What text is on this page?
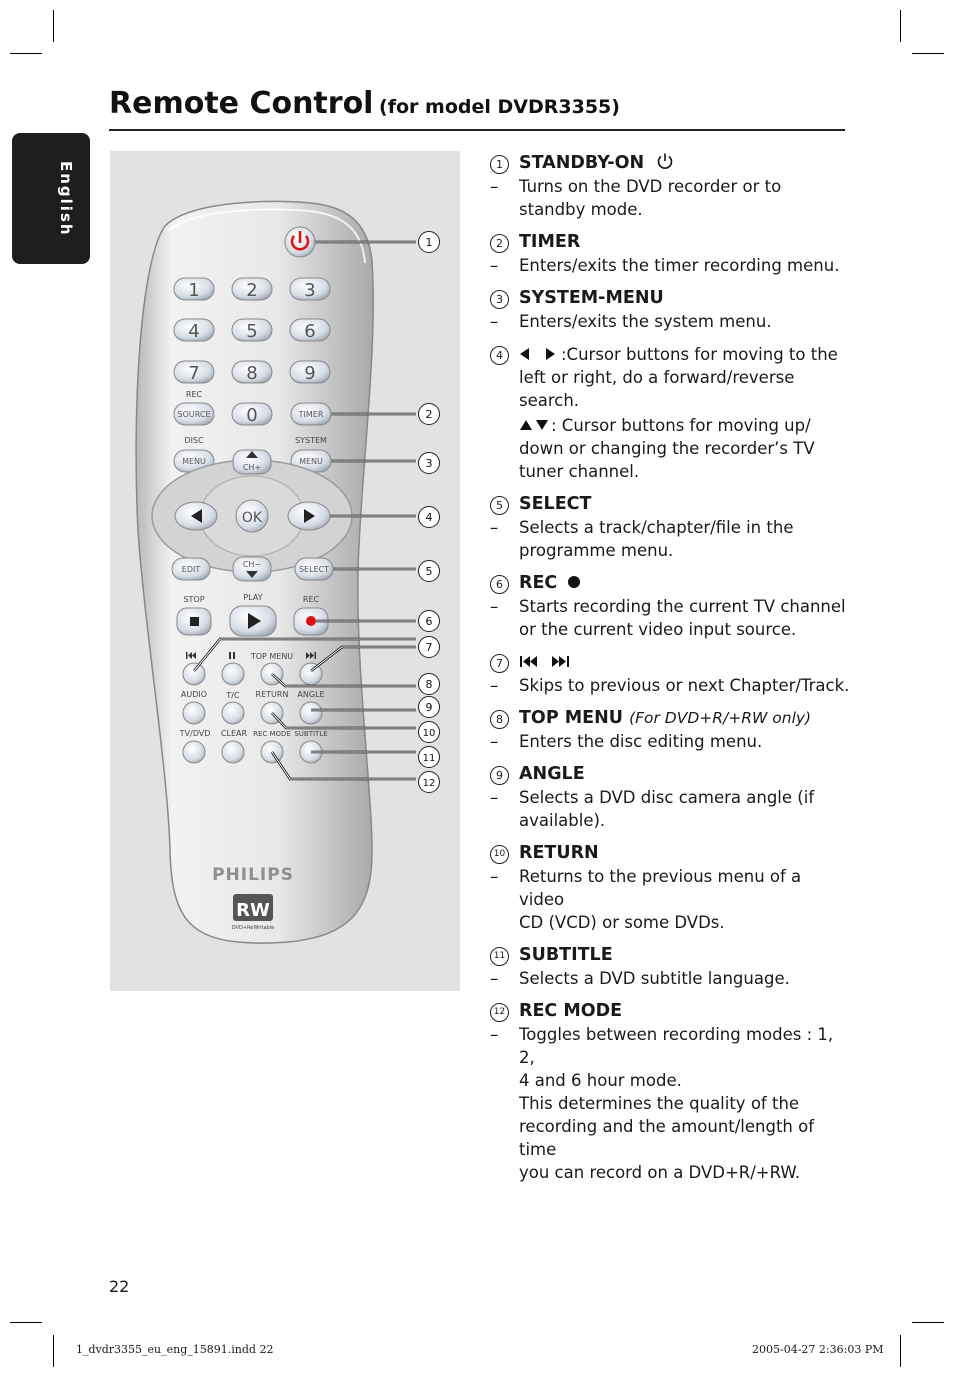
English
Remote Control (for model DVDR3355)
1	2	3
4	5	6
7	8	9
0
REC
DISC	SYSTEM
SOURCE	TIMER
MENU	MENU
CH+
OK
EDIT	SELECT
CH−
STOP	PLAY	REC
TOP MENU
AUDIO T/C RETURN ANGLE
TV/DVD CLEAR REC MODE SUBTITLE
PHILIPS
RW
DVD+ReWritable
1
2
3
4
5
6
7
8
9
10
11
12
1 STANDBY-ON
– Turns on the DVD recorder or to
standby mode.
2 TIMER
– Enters/exits the timer recording menu.
3 SYSTEM-MENU
– Enters/exits the system menu.
4	:Cursor buttons for moving to the
left or right, do a forward/reverse search.
: Cursor buttons for moving up/
down or changing the recorder’s TV
tuner channel.
5 SELECT
– Selects a track/chapter/file in the
programme menu.
6 REC
– Starts recording the current TV channel
or the current video input source.
7

– Skips to previous or next Chapter/Track.
8 TOP MENU (For DVD+R/+RW only)
– Enters the disc editing menu.
9 ANGLE
– Selects a DVD disc camera angle (if
available).
10 RETURN
– Returns to the previous menu of a video
CD (VCD) or some DVDs.
11 SUBTITLE
– Selects a DVD subtitle language.
12 REC MODE
– Toggles between recording modes : 1, 2,
4 and 6 hour mode.
This determines the quality of the
recording and the amount/length of time
you can record on a DVD+R/+RW.
22
1_dvdr3355_eu_eng_15891.indd 22	2005-04-27 2:36:03 PM
